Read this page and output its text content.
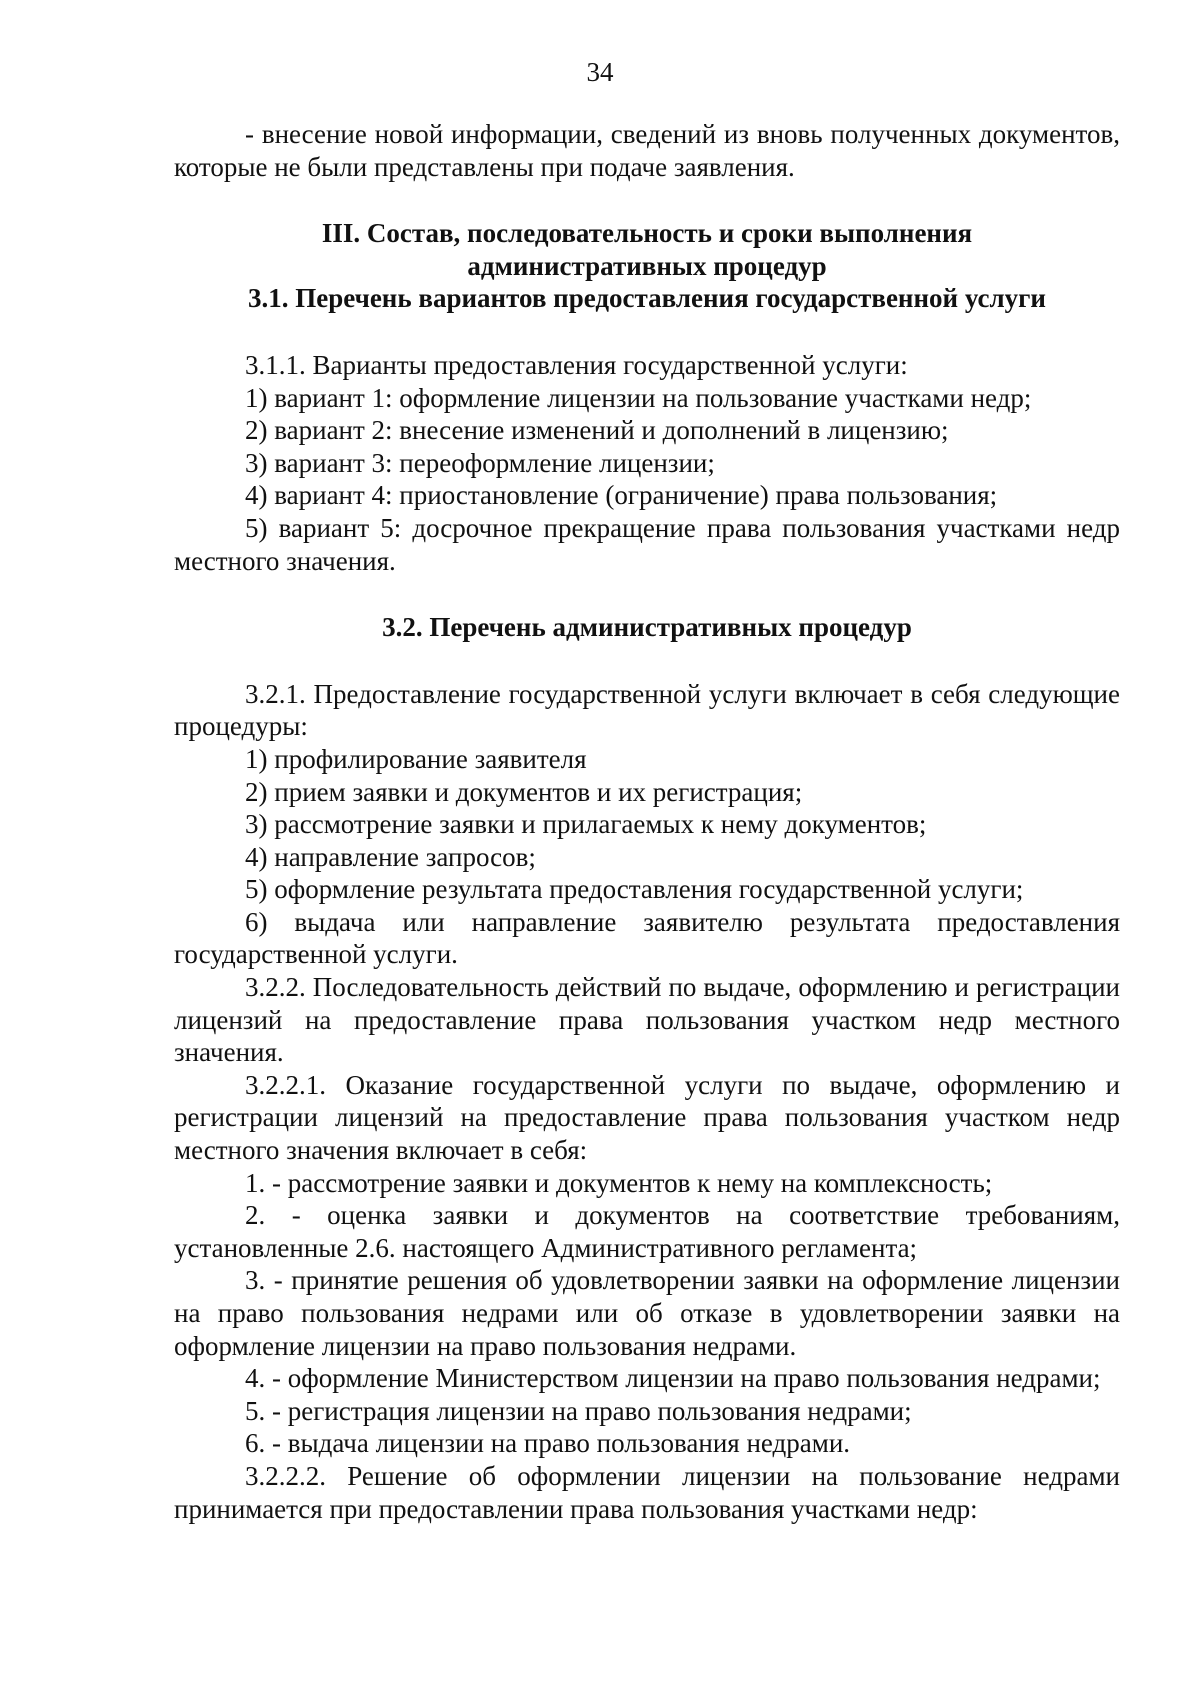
34

- внесение новой информации, сведений из вновь полученных документов, которые не были представлены при подаче заявления.

III. Состав, последовательность и сроки выполнения

административных процедур

3.1. Перечень вариантов предоставления государственной услуги

3.1.1. Варианты предоставления государственной услуги:

1) вариант 1: оформление лицензии на пользование участками недр;

2) вариант 2: внесение изменений и дополнений в лицензию;

3) вариант 3: переоформление лицензии;

4) вариант 4: приостановление (ограничение) права пользования;

5) вариант 5: досрочное прекращение права пользования участками недр местного значения.

3.2. Перечень административных процедур

3.2.1. Предоставление государственной услуги включает в себя следующие процедуры:

1) профилирование заявителя

2) прием заявки и документов и их регистрация;

3) рассмотрение заявки и прилагаемых к нему документов;

4) направление запросов;

5) оформление результата предоставления государственной услуги;

6) выдача или направление заявителю результата предоставления государственной услуги.

3.2.2. Последовательность действий по выдаче, оформлению и регистрации лицензий на предоставление права пользования участком недр местного значения.

3.2.2.1. Оказание государственной услуги по выдаче, оформлению и регистрации лицензий на предоставление права пользования участком недр местного значения включает в себя:

1. - рассмотрение заявки и документов к нему на комплексность;

2. - оценка заявки и документов на соответствие требованиям, установленные 2.6. настоящего Административного регламента;

3. - принятие решения об удовлетворении заявки на оформление лицензии на право пользования недрами или об отказе в удовлетворении заявки на оформление лицензии на право пользования недрами.

4. - оформление Министерством лицензии на право пользования недрами;

5. - регистрация лицензии на право пользования недрами;

6. - выдача лицензии на право пользования недрами.

3.2.2.2. Решение об оформлении лицензии на пользование недрами принимается при предоставлении права пользования участками недр:
